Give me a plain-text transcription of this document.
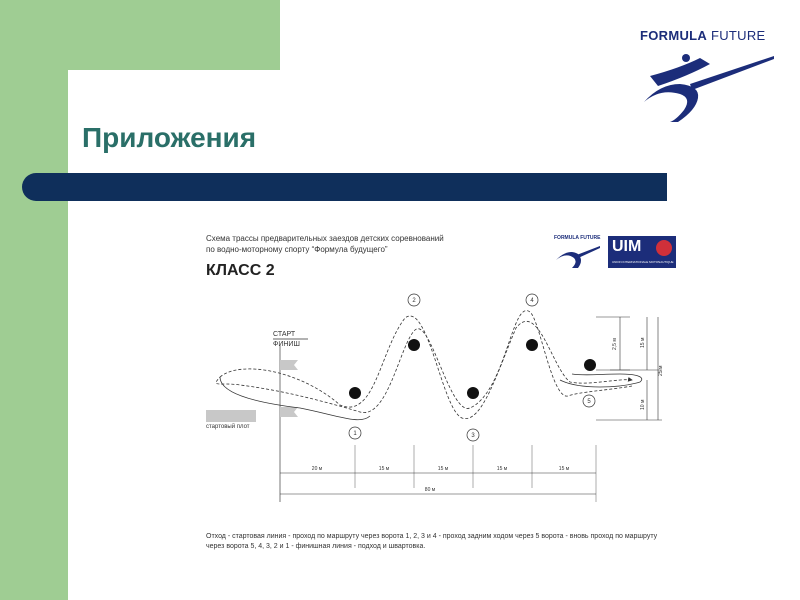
Приложения
FORMULA FUTURE
Схема трассы предварительных заездов детских соревнований
по водно-моторному спорту “Формула будущего”
КЛАСС 2
FORMULA FUTURE UIM
UNION INTERNATIONALE MOTONAUTIQUE
СТАРТ
ФИНИШ
стартовый плот
1
2
3
4
5
20 м	15 м	15 м	15 м	15 м
80 м
2,5 м	15 м
25 м
10 м
Отход - стартовая линия - проход по маршруту через ворота 1, 2, 3 и 4 - проход задним ходом через 5 ворота - вновь проход по маршруту
через ворота 5, 4, 3, 2 и 1 - финишная линия - подход и швартовка.
